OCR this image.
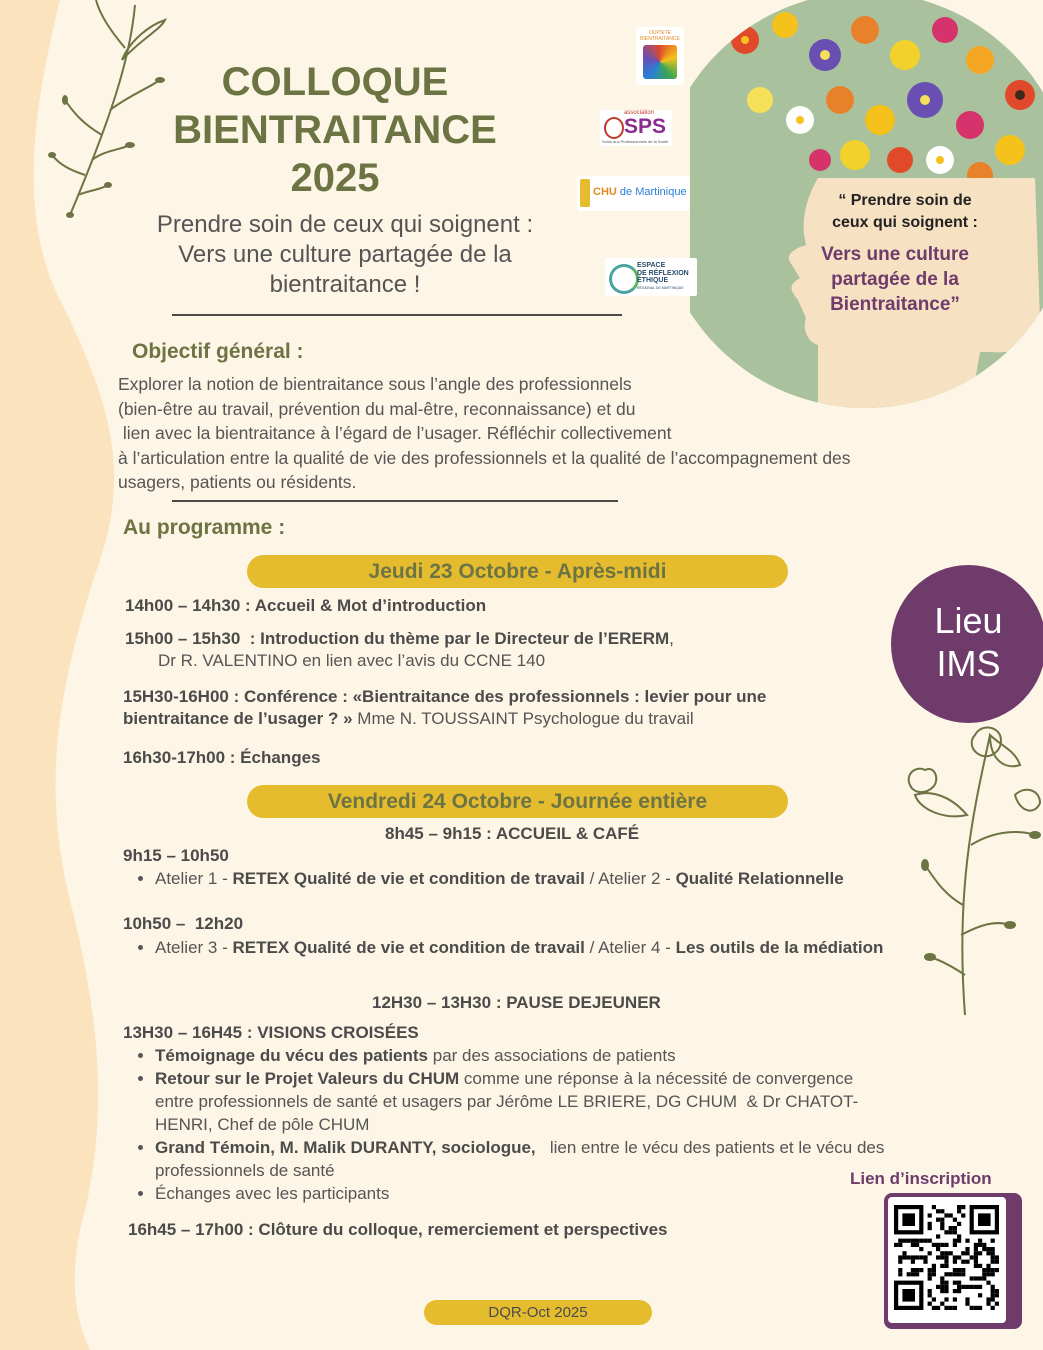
“ Prendre soin de
ceux qui soignent :
Vers une culture
partagée de la
Bientraitance”
OUPSITE BIENTRAITANCE
association
SPS
Soins aux Professionnels de la Santé
CHU de Martinique
ESPACE
DE RÉFLEXION
ÉTHIQUE
RÉGIONAL DE MARTINIQUE
COLLOQUE
BIENTRAITANCE
2025
Prendre soin de ceux qui soignent :
Vers une culture partagée de la
bientraitance !
Objectif général :
Explorer la notion de bientraitance sous l’angle des professionnels
(bien-être au travail, prévention du mal-être, reconnaissance) et du
lien avec la bientraitance à l’égard de l’usager. Réfléchir collectivement
à l’articulation entre la qualité de vie des professionnels et la qualité de l’accompagnement des
usagers, patients ou résidents.
Au programme :
Jeudi 23 Octobre - Après-midi
14h00 – 14h30 : Accueil & Mot d’introduction
15h00 – 15h30  : Introduction du thème par le Directeur de l’ERERM,
Dr R. VALENTINO en lien avec l’avis du CCNE 140
15H30-16H00 : Conférence : «Bientraitance des professionnels : levier pour une
bientraitance de l’usager ? » Mme N. TOUSSAINT Psychologue du travail
16h30-17h00 : Échanges
Vendredi 24 Octobre - Journée entière
8h45 – 9h15 : ACCUEIL & CAFÉ
9h15 – 10h50
• Atelier 1 - RETEX Qualité de vie et condition de travail / Atelier 2 - Qualité Relationnelle
10h50 –  12h20
• Atelier 3 - RETEX Qualité de vie et condition de travail / Atelier 4 - Les outils de la médiation
12H30 – 13H30 : PAUSE DEJEUNER
13H30 – 16H45 : VISIONS CROISÉES
• Témoignage du vécu des patients par des associations de patients
• Retour sur le Projet Valeurs du CHUM comme une réponse à la nécessité de convergence entre professionnels de santé et usagers par Jérôme LE BRIERE, DG CHUM  & Dr CHATOT-HENRI, Chef de pôle CHUM
• Grand Témoin, M. Malik DURANTY, sociologue,   lien entre le vécu des patients et le vécu des professionnels de santé
• Échanges avec les participants
16h45 – 17h00 : Clôture du colloque, remerciement et perspectives
Lieu
IMS
Lien d’inscription
DQR-Oct 2025
